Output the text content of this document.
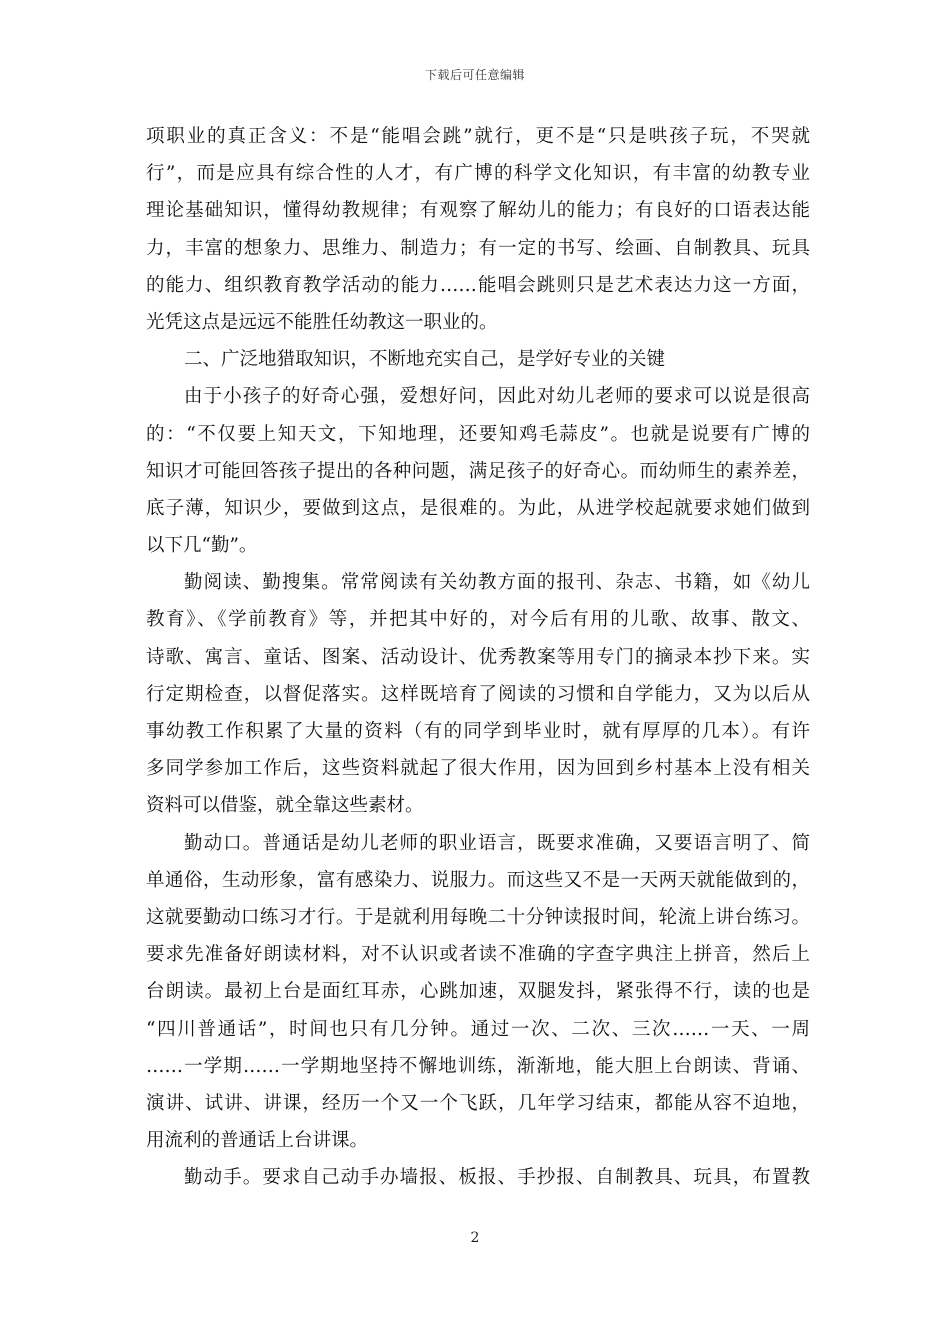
下载后可任意编辑
项职业的真正含义：不是“能唱会跳”就行，更不是“只是哄孩子玩，不哭就
行”，而是应具有综合性的人才，有广博的科学文化知识，有丰富的幼教专业
理论基础知识，懂得幼教规律；有观察了解幼儿的能力；有良好的口语表达能
力，丰富的想象力、思维力、制造力；有一定的书写、绘画、自制教具、玩具
的能力、组织教育教学活动的能力……能唱会跳则只是艺术表达力这一方面，
光凭这点是远远不能胜任幼教这一职业的。
二、广泛地猎取知识，不断地充实自己，是学好专业的关键
由于小孩子的好奇心强，爱想好问，因此对幼儿老师的要求可以说是很高
的：“不仅要上知天文，下知地理，还要知鸡毛蒜皮”。也就是说要有广博的
知识才可能回答孩子提出的各种问题，满足孩子的好奇心。而幼师生的素养差，
底子薄，知识少，要做到这点，是很难的。为此，从进学校起就要求她们做到
以下几“勤”。
勤阅读、勤搜集。常常阅读有关幼教方面的报刊、杂志、书籍，如《幼儿
教育》、《学前教育》等，并把其中好的，对今后有用的儿歌、故事、散文、
诗歌、寓言、童话、图案、活动设计、优秀教案等用专门的摘录本抄下来。实
行定期检查，以督促落实。这样既培育了阅读的习惯和自学能力，又为以后从
事幼教工作积累了大量的资料（有的同学到毕业时，就有厚厚的几本）。有许
多同学参加工作后，这些资料就起了很大作用，因为回到乡村基本上没有相关
资料可以借鉴，就全靠这些素材。
勤动口。普通话是幼儿老师的职业语言，既要求准确，又要语言明了、简
单通俗，生动形象，富有感染力、说服力。而这些又不是一天两天就能做到的，
这就要勤动口练习才行。于是就利用每晚二十分钟读报时间，轮流上讲台练习。
要求先准备好朗读材料，对不认识或者读不准确的字查字典注上拼音，然后上
台朗读。最初上台是面红耳赤，心跳加速，双腿发抖，紧张得不行，读的也是
“四川普通话”，时间也只有几分钟。通过一次、二次、三次……一天、一周
……一学期……一学期地坚持不懈地训练，渐渐地，能大胆上台朗读、背诵、
演讲、试讲、讲课，经历一个又一个飞跃，几年学习结束，都能从容不迫地，
用流利的普通话上台讲课。
勤动手。要求自己动手办墙报、板报、手抄报、自制教具、玩具，布置教
2
